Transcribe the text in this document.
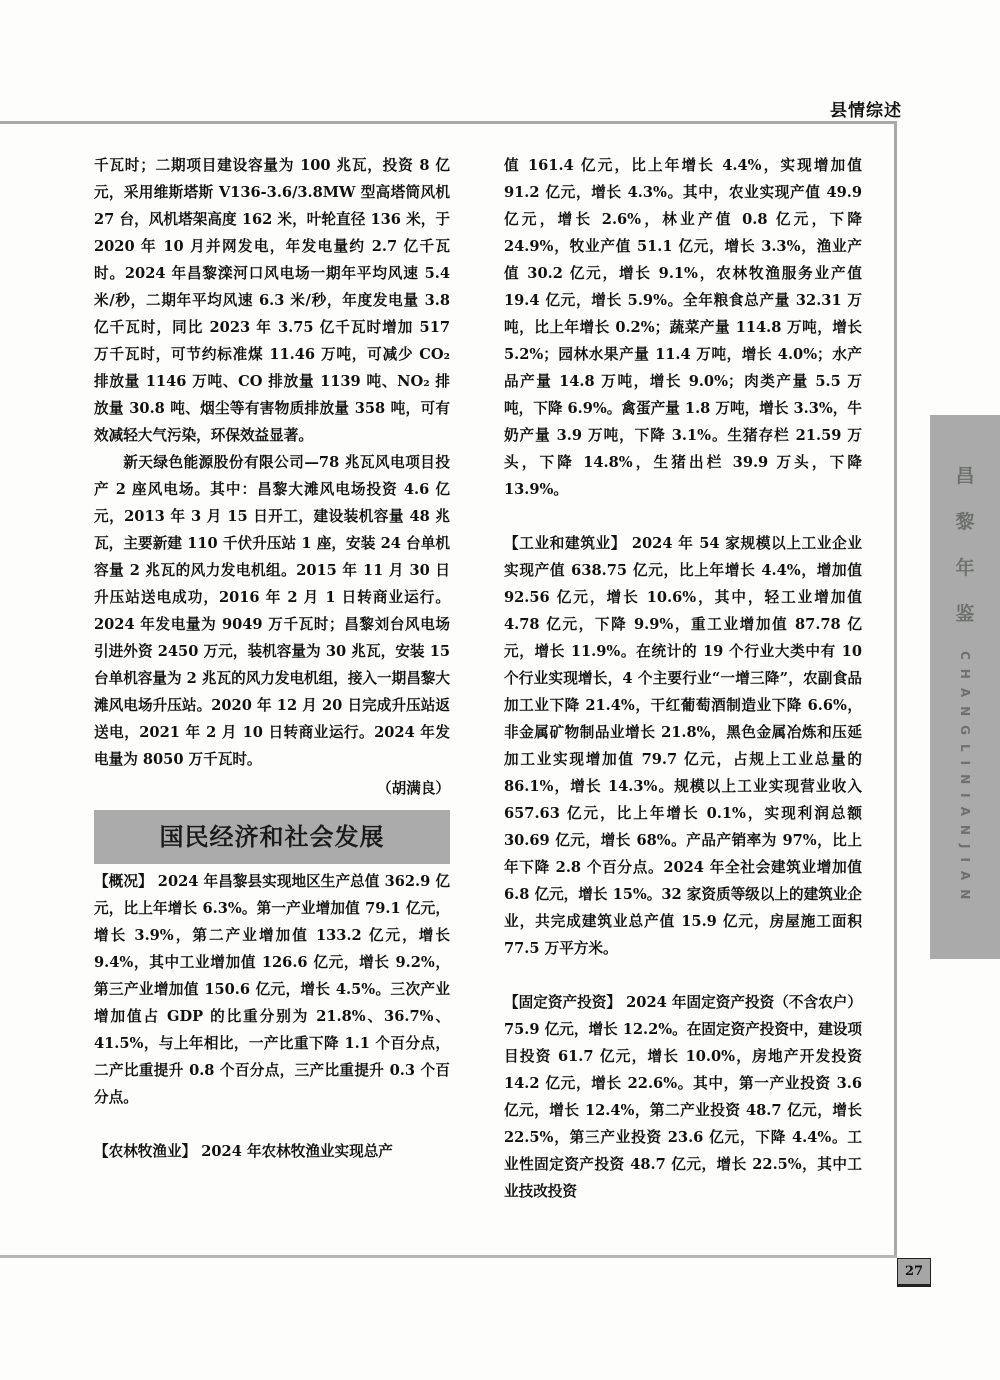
县情综述

千瓦时；二期项目建设容量为 100 兆瓦，投资 8 亿元，采用维斯塔斯 V136-3.6/3.8MW 型高塔筒风机 27 台，风机塔架高度 162 米，叶轮直径 136 米，于 2020 年 10 月并网发电，年发电量约 2.7 亿千瓦时。2024 年昌黎滦河口风电场一期年平均风速 5.4 米/秒，二期年平均风速 6.3 米/秒，年度发电量 3.8 亿千瓦时，同比 2023 年 3.75 亿千瓦时增加 517 万千瓦时，可节约标准煤 11.46 万吨，可减少 CO₂ 排放量 1146 万吨、CO 排放量 1139 吨、NO₂ 排放量 30.8 吨、烟尘等有害物质排放量 358 吨，可有效减轻大气污染，环保效益显著。

新天绿色能源股份有限公司—78 兆瓦风电项目投产 2 座风电场。其中：昌黎大滩风电场投资 4.6 亿元，2013 年 3 月 15 日开工，建设装机容量 48 兆瓦，主要新建 110 千伏升压站 1 座，安装 24 台单机容量 2 兆瓦的风力发电机组。2015 年 11 月 30 日升压站送电成功，2016 年 2 月 1 日转商业运行。2024 年发电量为 9049 万千瓦时；昌黎刘台风电场引进外资 2450 万元，装机容量为 30 兆瓦，安装 15 台单机容量为 2 兆瓦的风力发电机组，接入一期昌黎大滩风电场升压站。2020 年 12 月 20 日完成升压站返送电，2021 年 2 月 10 日转商业运行。2024 年发电量为 8050 万千瓦时。

（胡满良）

国民经济和社会发展

【概况】 2024 年昌黎县实现地区生产总值 362.9 亿元，比上年增长 6.3%。第一产业增加值 79.1 亿元，增长 3.9%，第二产业增加值 133.2 亿元，增长 9.4%，其中工业增加值 126.6 亿元，增长 9.2%，第三产业增加值 150.6 亿元，增长 4.5%。三次产业增加值占 GDP 的比重分别为 21.8%、36.7%、41.5%，与上年相比，一产比重下降 1.1 个百分点，二产比重提升 0.8 个百分点，三产比重提升 0.3 个百分点。

【农林牧渔业】 2024 年农林牧渔业实现总产

值 161.4 亿元，比上年增长 4.4%，实现增加值 91.2 亿元，增长 4.3%。其中，农业实现产值 49.9 亿元，增长 2.6%，林业产值 0.8 亿元，下降 24.9%，牧业产值 51.1 亿元，增长 3.3%，渔业产值 30.2 亿元，增长 9.1%，农林牧渔服务业产值 19.4 亿元，增长 5.9%。全年粮食总产量 32.31 万吨，比上年增长 0.2%；蔬菜产量 114.8 万吨，增长 5.2%；园林水果产量 11.4 万吨，增长 4.0%；水产品产量 14.8 万吨，增长 9.0%；肉类产量 5.5 万吨，下降 6.9%。禽蛋产量 1.8 万吨，增长 3.3%，牛奶产量 3.9 万吨，下降 3.1%。生猪存栏 21.59 万头，下降 14.8%，生猪出栏 39.9 万头，下降 13.9%。

【工业和建筑业】 2024 年 54 家规模以上工业企业实现产值 638.75 亿元，比上年增长 4.4%，增加值 92.56 亿元，增长 10.6%，其中，轻工业增加值 4.78 亿元，下降 9.9%，重工业增加值 87.78 亿元，增长 11.9%。在统计的 19 个行业大类中有 10 个行业实现增长，4 个主要行业“一增三降”，农副食品加工业下降 21.4%，干红葡萄酒制造业下降 6.6%，非金属矿物制品业增长 21.8%，黑色金属冶炼和压延加工业实现增加值 79.7 亿元，占规上工业总量的 86.1%，增长 14.3%。规模以上工业实现营业收入 657.63 亿元，比上年增长 0.1%，实现利润总额 30.69 亿元，增长 68%。产品产销率为 97%，比上年下降 2.8 个百分点。2024 年全社会建筑业增加值 6.8 亿元，增长 15%。32 家资质等级以上的建筑业企业，共完成建筑业总产值 15.9 亿元，房屋施工面积 77.5 万平方米。

【固定资产投资】 2024 年固定资产投资（不含农户）75.9 亿元，增长 12.2%。在固定资产投资中，建设项目投资 61.7 亿元，增长 10.0%，房地产开发投资 14.2 亿元，增长 22.6%。其中，第一产业投资 3.6 亿元，增长 12.4%，第二产业投资 48.7 亿元，增长 22.5%，第三产业投资 23.6 亿元，下降 4.4%。工业性固定资产投资 48.7 亿元，增长 22.5%，其中工业技改投资

昌
黎
年
鉴
CHANGLINIANJIAN
27
